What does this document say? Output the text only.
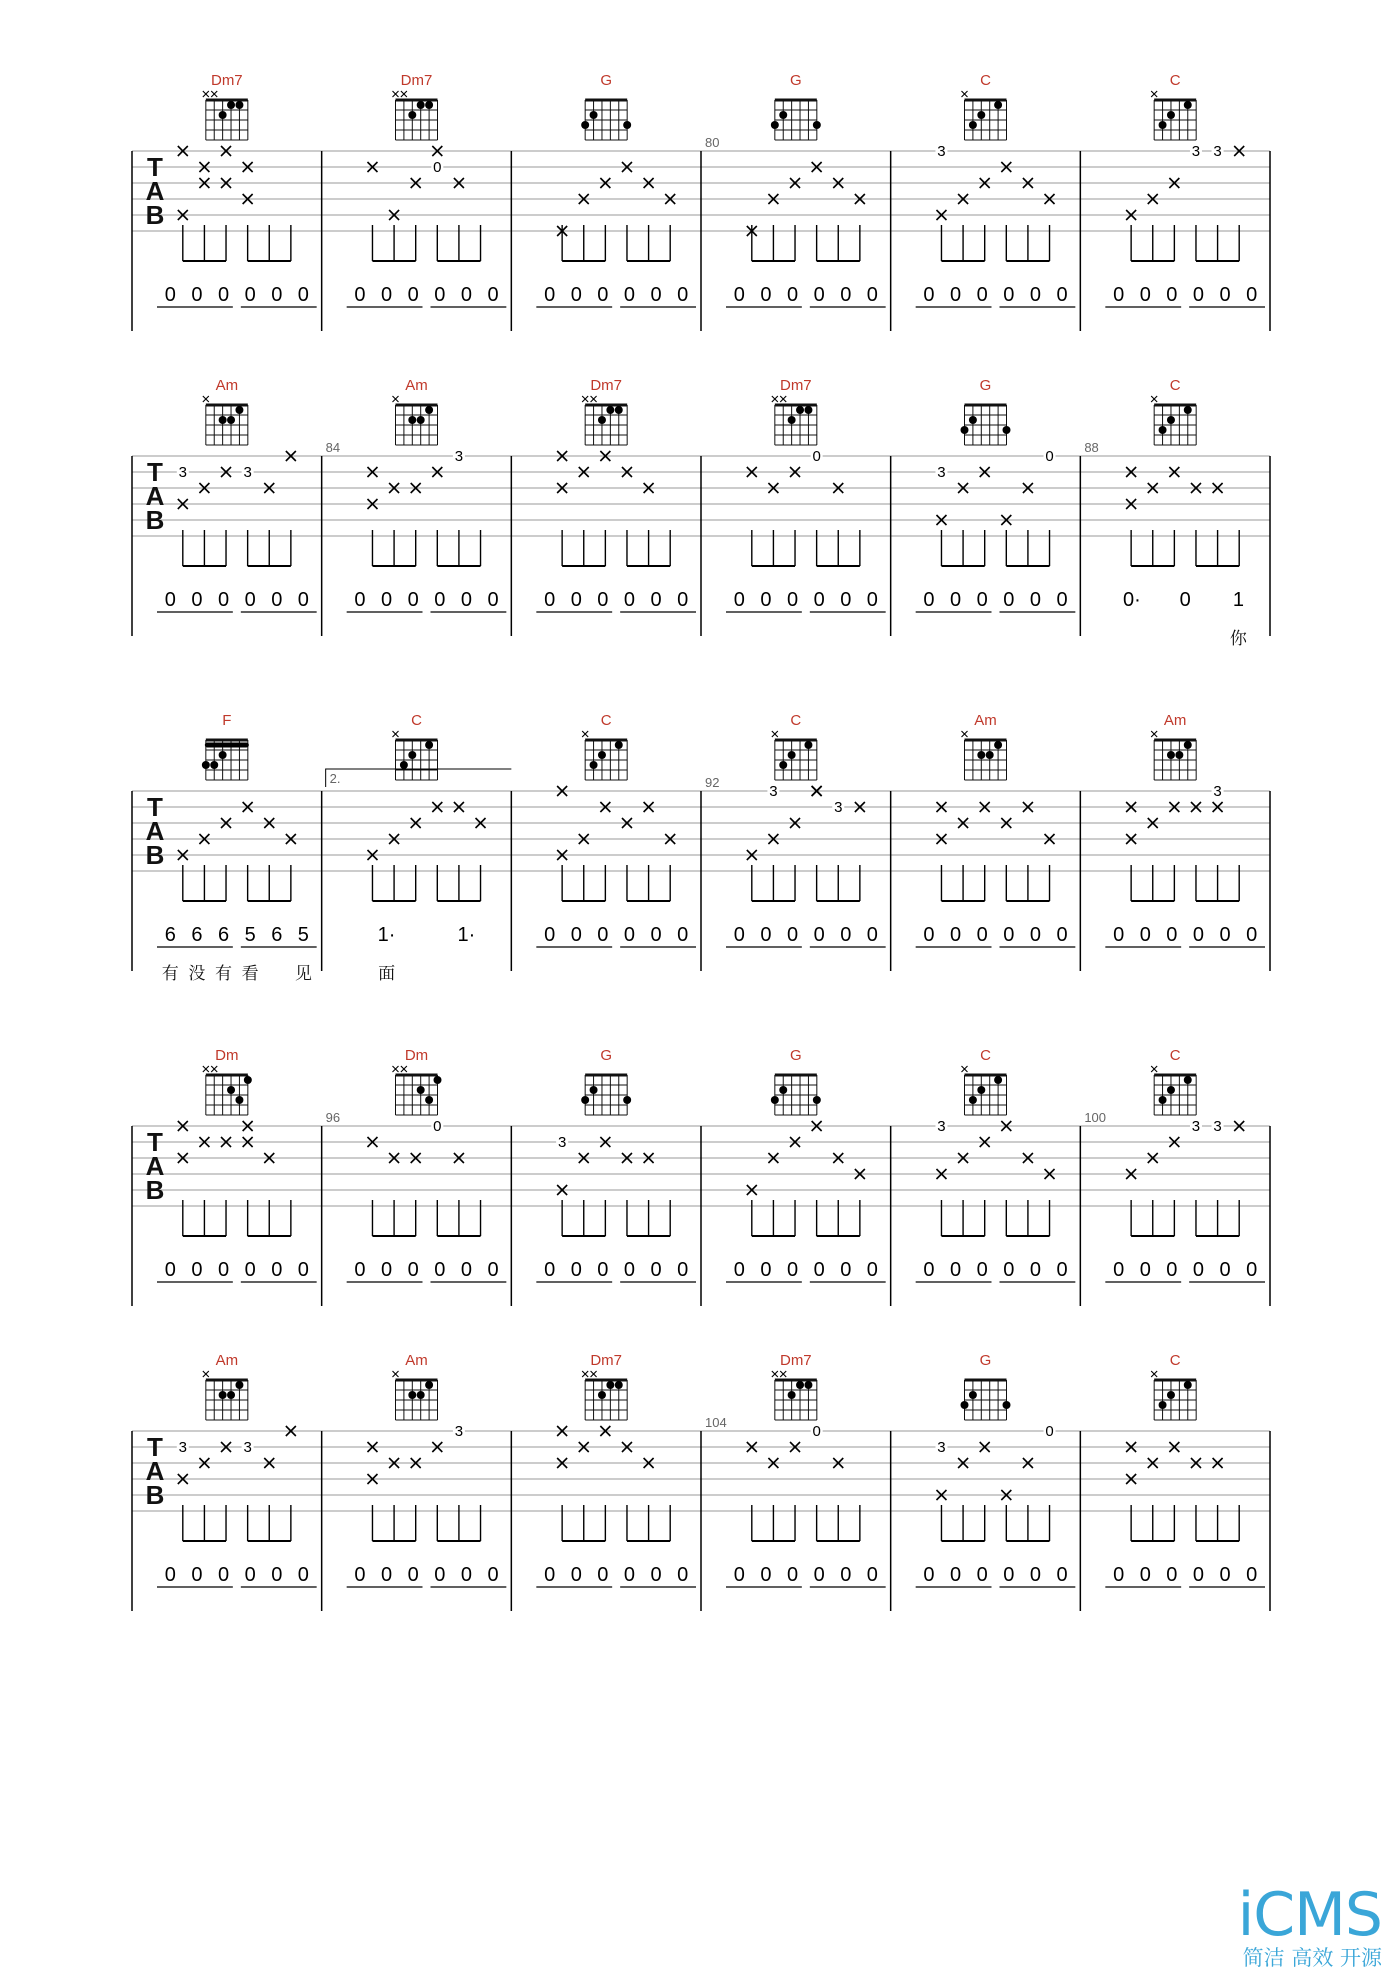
T
A
B
Dm7
0 0 0 0 0 0
Dm7
0
0 0 0 0 0 0
G
0 0 0 0 0 0
G
80
0 0 0 0 0 0
C
3
0 0 0 0 0 0
C
3 3
0 0 0 0 0 0
T
A
B
Am
3	3
0 0 0 0 0 0
Am
84
3
0 0 0 0 0 0
Dm7
0 0 0 0 0 0
Dm7
0
0 0 0 0 0 0
G
3
0
0 0 0 0 0 0
C
88
0· 0 1
你
T
A
B
F
6 6 6 5 6 5
有 没 有 看 见
C
2.
1·	1·
面
C
0 0 0 0 0 0
C
92
3
3
0 0 0 0 0 0
Am
0 0 0 0 0 0
Am
3
0 0 0 0 0 0
T
A
B
Dm
0 0 0 0 0 0
Dm
96
0
0 0 0 0 0 0
G
3
0 0 0 0 0 0
G
0 0 0 0 0 0
C
3
0 0 0 0 0 0
C
100
3 3
0 0 0 0 0 0
T
A
B
Am
3	3
0 0 0 0 0 0
Am
3
0 0 0 0 0 0
Dm7
0 0 0 0 0 0
Dm7
104
0
0 0 0 0 0 0
G
3
0
0 0 0 0 0 0
C
0 0 0 0 0 0
iCMS
简洁 高效 开源
